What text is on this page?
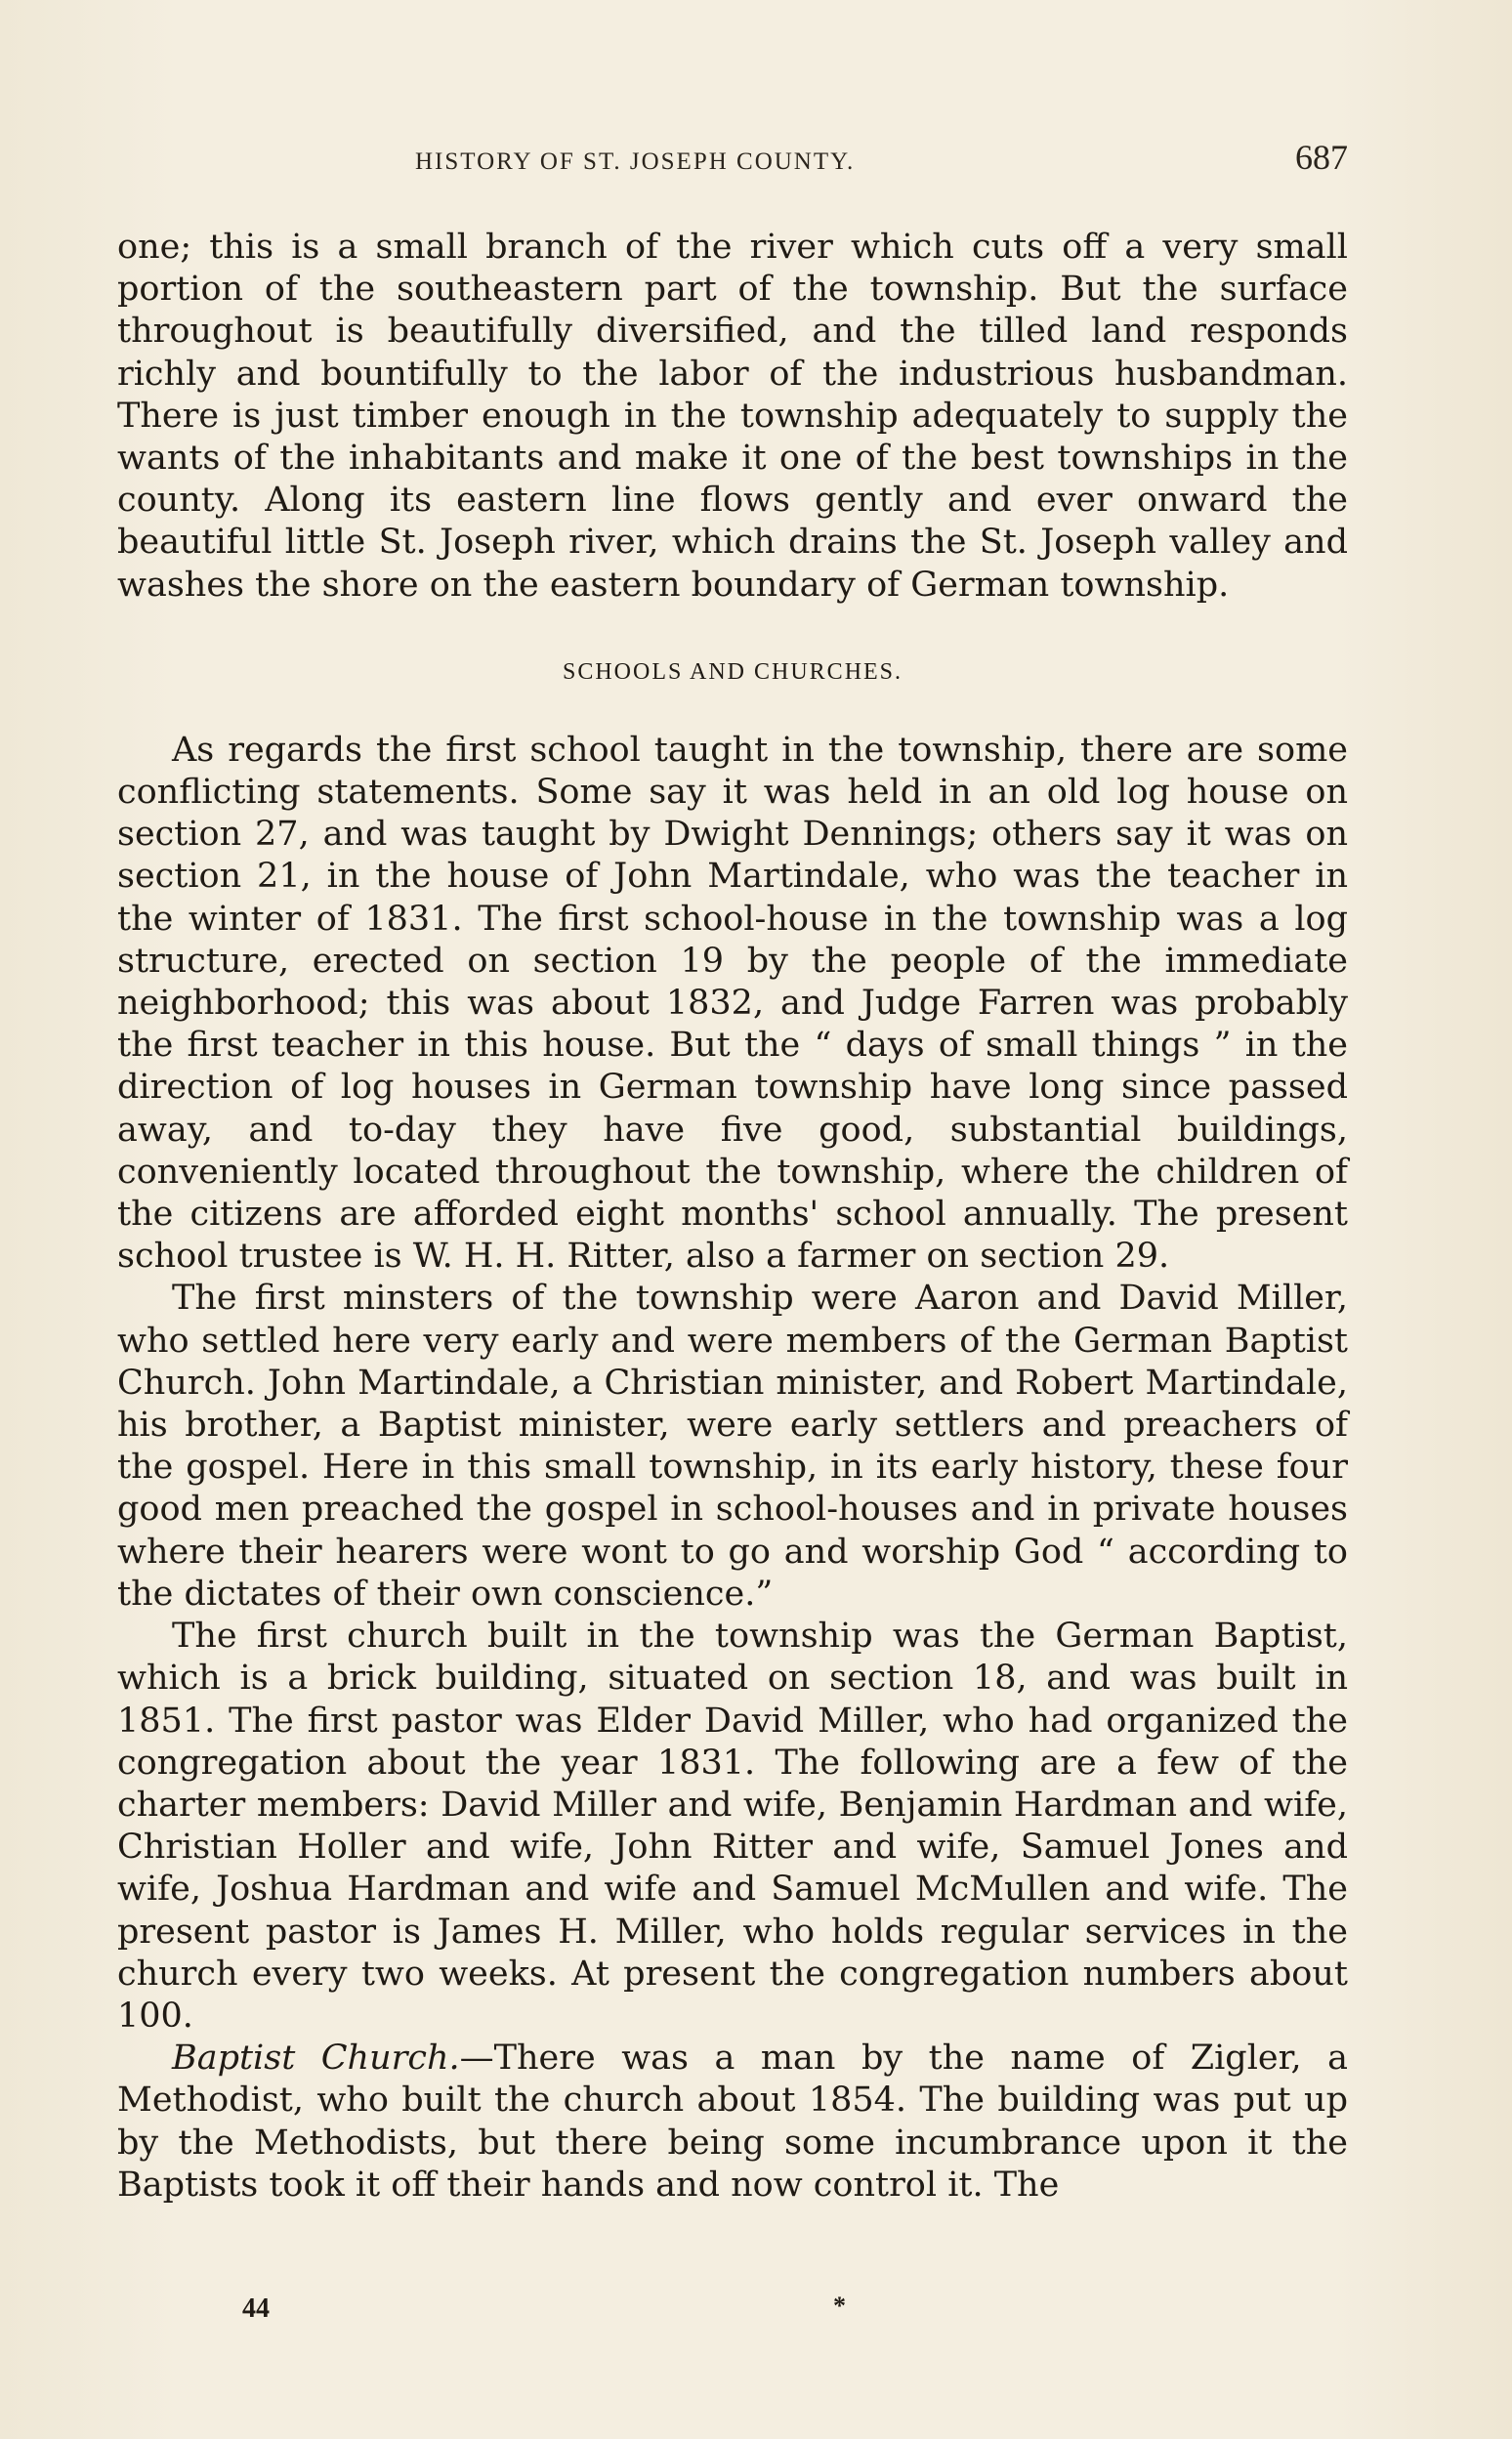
HISTORY OF ST. JOSEPH COUNTY.	687

one; this is a small branch of the river which cuts off a very small portion of the southeastern part of the township. But the surface throughout is beautifully diversified, and the tilled land responds richly and bountifully to the labor of the industrious husbandman. There is just timber enough in the township adequately to supply the wants of the inhabitants and make it one of the best townships in the county. Along its eastern line flows gently and ever onward the beautiful little St. Joseph river, which drains the St. Joseph valley and washes the shore on the eastern boundary of German township.

SCHOOLS AND CHURCHES.

As regards the first school taught in the township, there are some conflicting statements. Some say it was held in an old log house on section 27, and was taught by Dwight Dennings; others say it was on section 21, in the house of John Martindale, who was the teacher in the winter of 1831. The first school-house in the township was a log structure, erected on section 19 by the people of the immediate neighborhood; this was about 1832, and Judge Farren was probably the first teacher in this house. But the “ days of small things ” in the direction of log houses in German township have long since passed away, and to-day they have five good, substantial buildings, conveniently located throughout the township, where the children of the citizens are afforded eight months' school annually. The present school trustee is W. H. H. Ritter, also a farmer on section 29.

The first minsters of the township were Aaron and David Miller, who settled here very early and were members of the German Baptist Church. John Martindale, a Christian minister, and Robert Martindale, his brother, a Baptist minister, were early settlers and preachers of the gospel. Here in this small township, in its early history, these four good men preached the gospel in school-houses and in private houses where their hearers were wont to go and worship God “ according to the dictates of their own conscience.”

The first church built in the township was the German Baptist, which is a brick building, situated on section 18, and was built in 1851. The first pastor was Elder David Miller, who had organized the congregation about the year 1831. The following are a few of the charter members: David Miller and wife, Benjamin Hardman and wife, Christian Holler and wife, John Ritter and wife, Samuel Jones and wife, Joshua Hardman and wife and Samuel McMullen and wife. The present pastor is James H. Miller, who holds regular services in the church every two weeks. At present the congregation numbers about 100.

Baptist Church.—There was a man by the name of Zigler, a Methodist, who built the church about 1854. The building was put up by the Methodists, but there being some incumbrance upon it the Baptists took it off their hands and now control it. The

44	*
